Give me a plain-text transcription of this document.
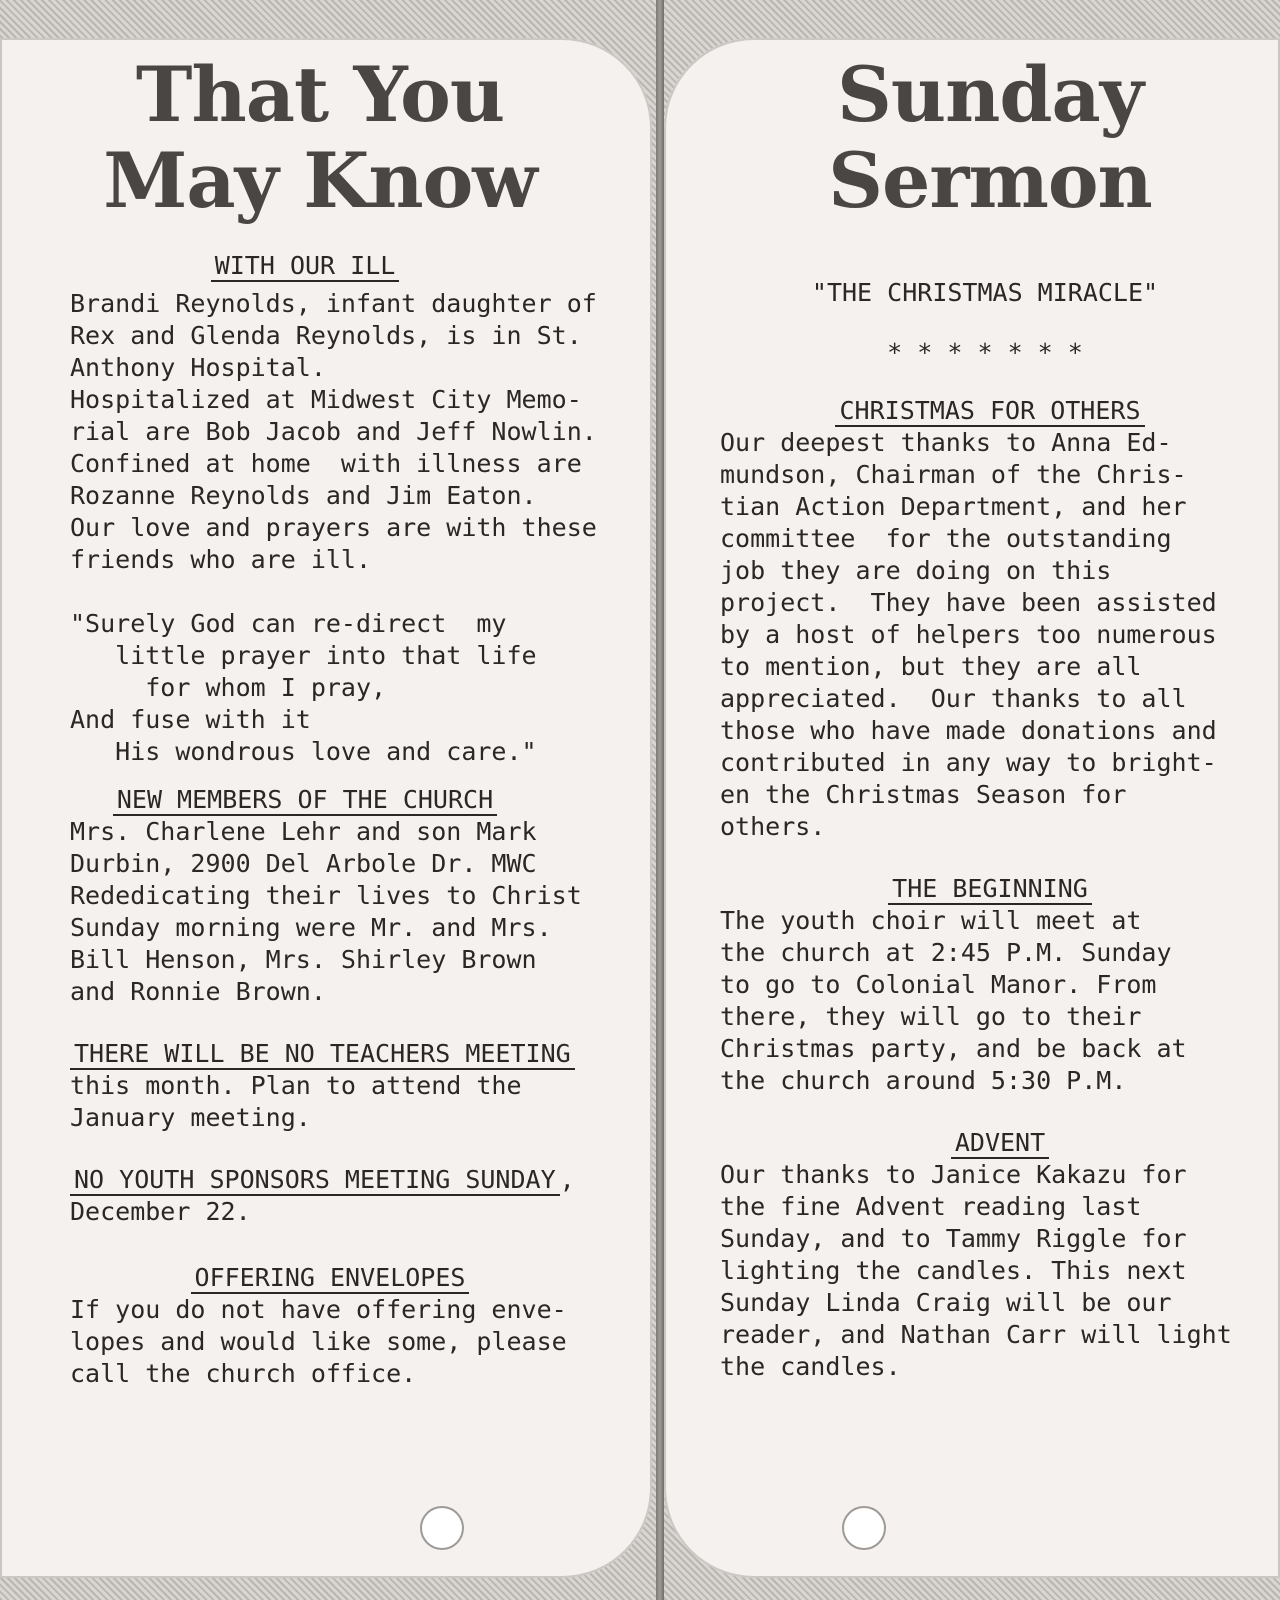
That You
May Know
WITH OUR ILL
Brandi Reynolds, infant daughter of
Rex and Glenda Reynolds, is in St.
Anthony Hospital.
Hospitalized at Midwest City Memo-
rial are Bob Jacob and Jeff Nowlin.
Confined at home  with illness are
Rozanne Reynolds and Jim Eaton.
Our love and prayers are with these
friends who are ill.
"Surely God can re-direct  my
little prayer into that life
for whom I pray,
And fuse with it
His wondrous love and care."
NEW MEMBERS OF THE CHURCH
Mrs. Charlene Lehr and son Mark
Durbin, 2900 Del Arbole Dr. MWC
Rededicating their lives to Christ
Sunday morning were Mr. and Mrs.
Bill Henson, Mrs. Shirley Brown
and Ronnie Brown.
THERE WILL BE NO TEACHERS MEETING
this month. Plan to attend the
January meeting.
NO YOUTH SPONSORS MEETING SUNDAY ,
December 22.
OFFERING ENVELOPES
If you do not have offering enve-
lopes and would like some, please
call the church office.
Sunday
Sermon
"THE CHRISTMAS MIRACLE"
* * * * * * *
CHRISTMAS FOR OTHERS
Our deepest thanks to Anna Ed-
mundson, Chairman of the Chris-
tian Action Department, and her
committee  for the outstanding
job they are doing on this
project.  They have been assisted
by a host of helpers too numerous
to mention, but they are all
appreciated.  Our thanks to all
those who have made donations and
contributed in any way to bright-
en the Christmas Season for
others.
THE BEGINNING
The youth choir will meet at
the church at 2:45 P.M. Sunday
to go to Colonial Manor. From
there, they will go to their
Christmas party, and be back at
the church around 5:30 P.M.
ADVENT
Our thanks to Janice Kakazu for
the fine Advent reading last
Sunday, and to Tammy Riggle for
lighting the candles. This next
Sunday Linda Craig will be our
reader, and Nathan Carr will light
the candles.
